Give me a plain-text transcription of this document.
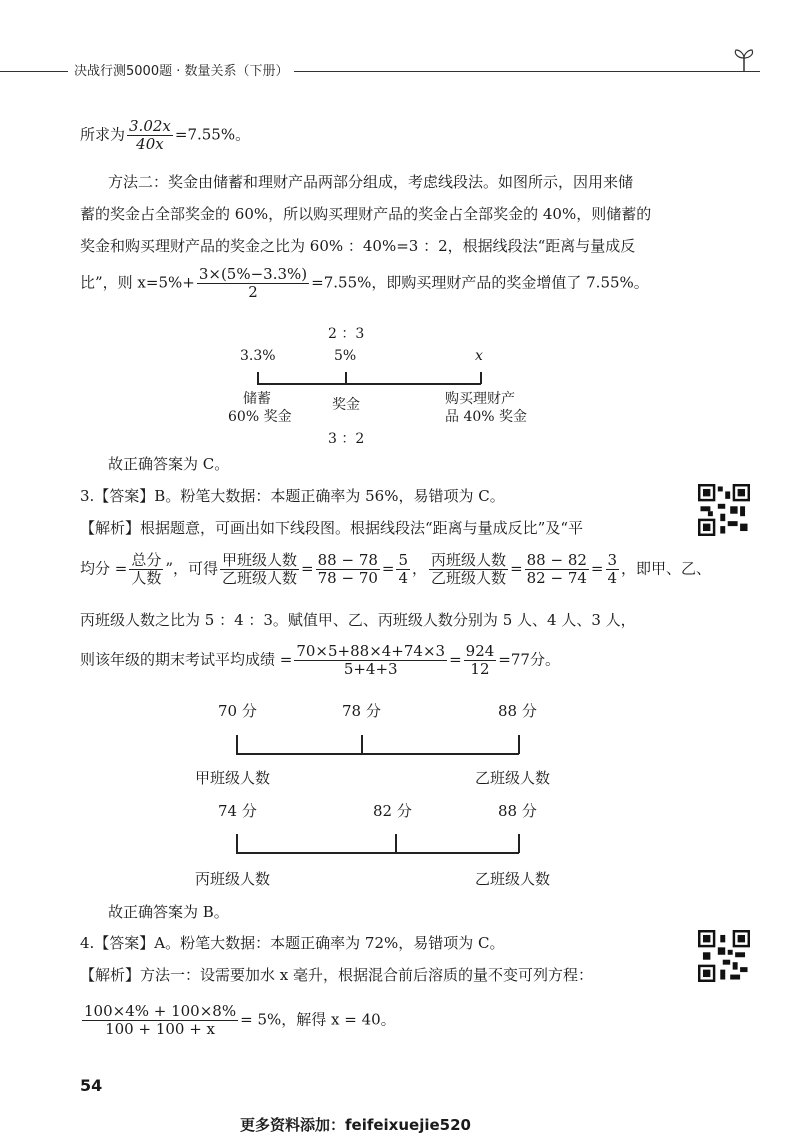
决战行测5000题 · 数量关系（下册）
所求为 $\frac{3.02x}{40x} =7.55\%$。
方法二：奖金由储蓄和理财产品两部分组成，考虑线段法。如图所示，因用来储
蓄的奖金占全部奖金的 60%，所以购买理财产品的奖金占全部奖金的 40%，则储蓄的
奖金和购买理财产品的奖金之比为 60% ：40%=3 ：2，根据线段法“距离与量成反
比”，则 $x=5\%+ \frac{3\times(5\%-3.3\%)}{2} =7.55\%$，即购买理财产品的奖金增值了 7.55%。
2 ：3
3.3%	5%	x
储蓄
60% 奖金
奖金	购买理财产
品 40% 奖金
3 ：2
故正确答案为 C。
3.【答案】B。粉笔大数据：本题正确率为 56%，易错项为 C。
【解析】根据题意，可画出如下线段图。根据线段法“距离与量成反比”及“平
均分 = $\frac{\text{总分}}{\text{人数}}$ ”，可得 $\frac{\text{甲班级人数}}{\text{乙班级人数}} = \frac{88 - 78}{78 - 70} = \frac{5}{4}$ ， $\frac{\text{丙班级人数}}{\text{乙班级人数}} = \frac{88 - 82}{82 - 74} = \frac{3}{4}$ ，即甲、乙、
丙班级人数之比为 5 ：4 ：3。赋值甲、乙、丙班级人数分别为 5 人、4 人、3 人，
则该年级的期末考试平均成绩 = $\frac{70\times 5+88\times 4+74\times 3}{5+4+3} = \frac{924}{12} =77$分。
70 分	78 分	88 分
甲班级人数	乙班级人数
74 分	82 分	88 分
丙班级人数	乙班级人数
故正确答案为 B。
4.【答案】A。粉笔大数据：本题正确率为 72%，易错项为 C。
【解析】方法一：设需要加水 x 毫升，根据混合前后溶质的量不变可列方程：
$\frac{100\times 4\% + 100\times 8\%}{100 + 100 + x} = 5\%$，解得 x = 40。
54
更多资料添加：feifeixuejie520
